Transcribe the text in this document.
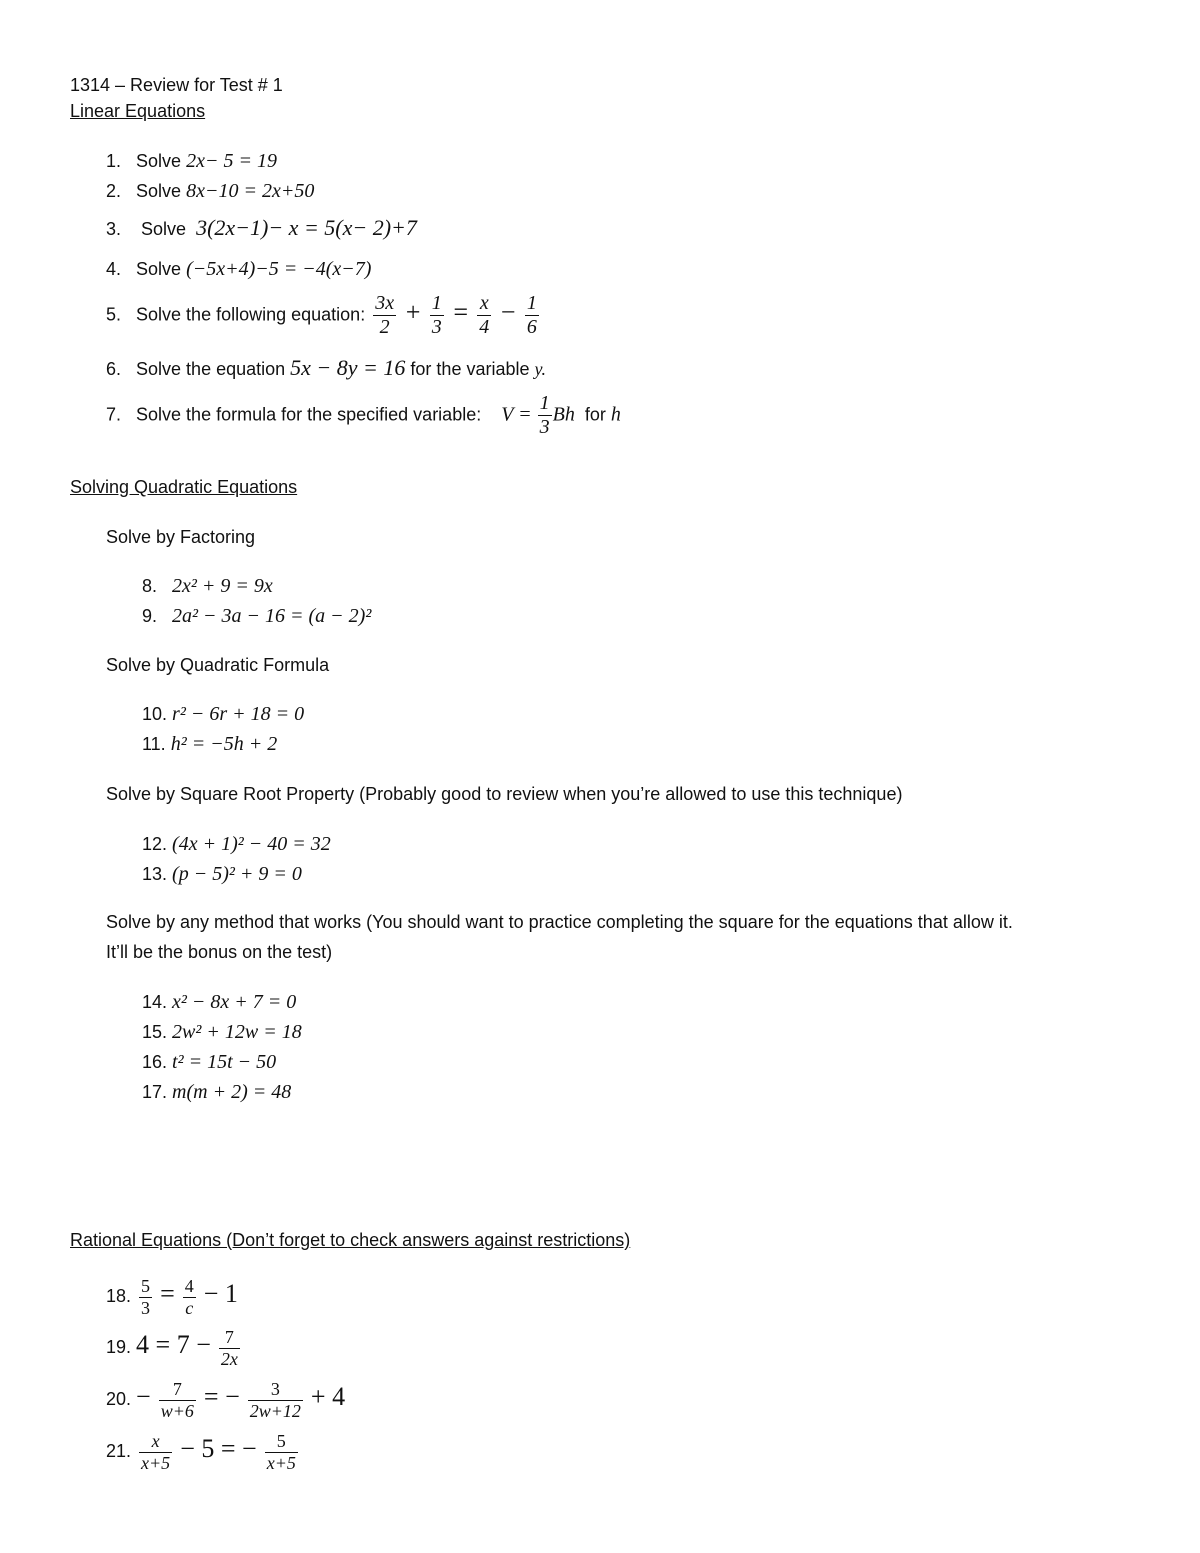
1314 – Review for Test # 1
Linear Equations
1. Solve 2x− 5 = 19
2. Solve 8x−10 = 2x+50
3. Solve 3(2x−1)− x = 5(x− 2)+7
4. Solve (−5x+4)−5 = −4(x−7)
5. Solve the following equation: $\frac{3x}{2} + \frac{1}{3} = \frac{x}{4} - \frac{1}{6}$
6. Solve the equation 5x − 8y = 16 for the variable y.
7. Solve the formula for the specified variable: $V = \frac{1}{3}$ Bh for h
Solving Quadratic Equations
Solve by Factoring
8. 2x² + 9 = 9x
9. 2a² − 3a − 16 = (a − 2)²
Solve by Quadratic Formula
10. r² − 6r + 18 = 0
11. h² = −5h + 2
Solve by Square Root Property (Probably good to review when you’re allowed to use this technique)
12. (4x + 1)² − 40 = 32
13. (p − 5)² + 9 = 0
Solve by any method that works (You should want to practice completing the square for the equations that allow it.
It’ll be the bonus on the test)
14. x² − 8x + 7 = 0
15. 2w² + 12w = 18
16. t² = 15t − 50
17. m(m + 2) = 48
Rational Equations (Don’t forget to check answers against restrictions)
18. $\frac{5}{3} = \frac{4}{c} - 1$
19. $4 = 7 - \frac{7}{2x}$
20. − $\frac{7}{w+6}$ = − $\frac{3}{2w+12} + 4$
21. $\frac{x}{x+5} - 5$ = − $\frac{5}{x+5}$
